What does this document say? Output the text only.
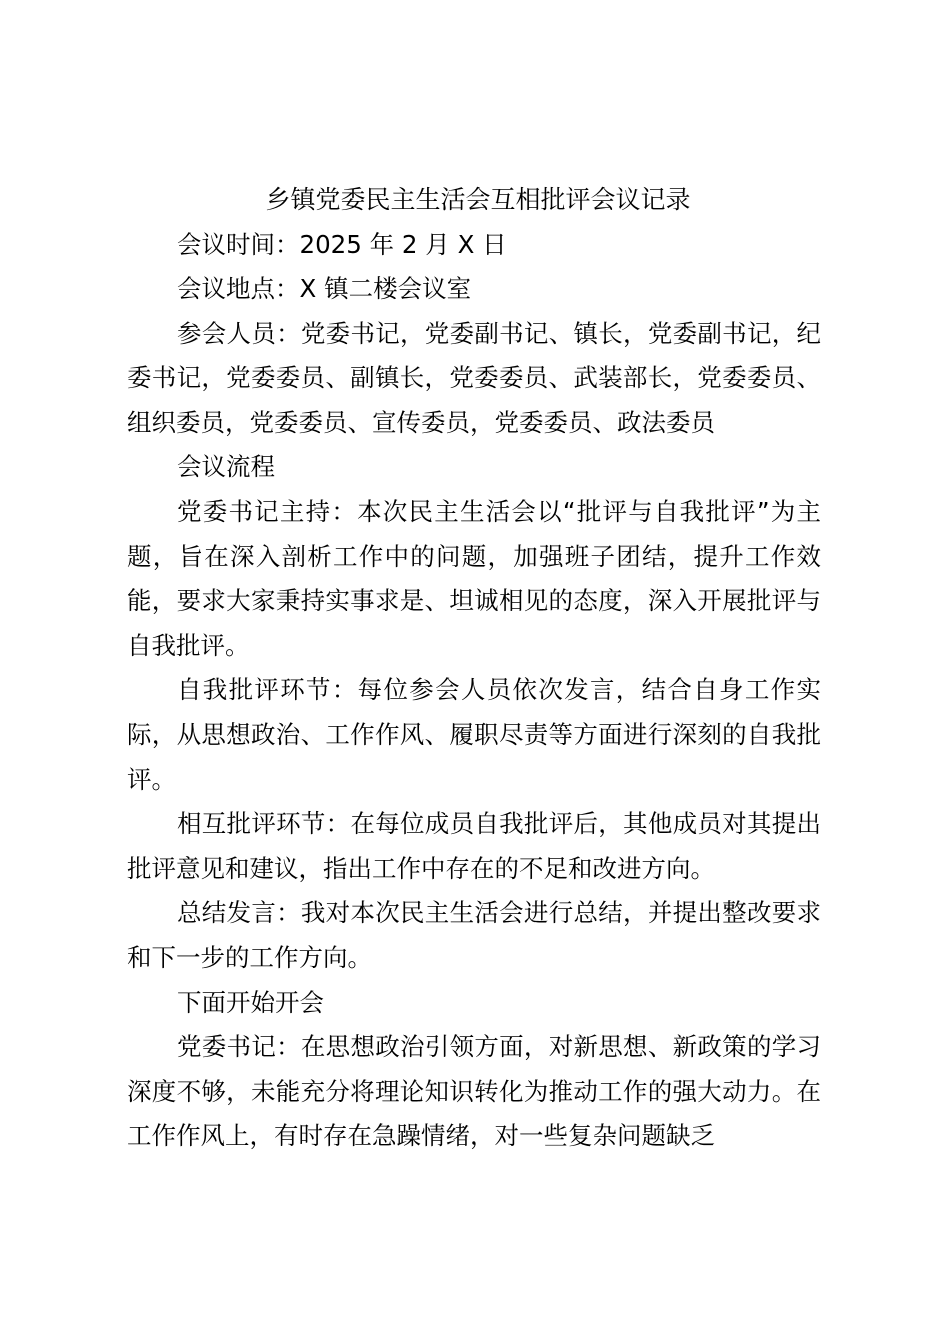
乡镇党委民主生活会互相批评会议记录

会议时间：2025 年 2 月 X 日

会议地点：X 镇二楼会议室

参会人员：党委书记，党委副书记、镇长，党委副书记，纪委书记，党委委员、副镇长，党委委员、武装部长，党委委员、组织委员，党委委员、宣传委员，党委委员、政法委员

会议流程

党委书记主持：本次民主生活会以“批评与自我批评”为主题，旨在深入剖析工作中的问题，加强班子团结，提升工作效能，要求大家秉持实事求是、坦诚相见的态度，深入开展批评与自我批评。

自我批评环节：每位参会人员依次发言，结合自身工作实际，从思想政治、工作作风、履职尽责等方面进行深刻的自我批评。

相互批评环节：在每位成员自我批评后，其他成员对其提出批评意见和建议，指出工作中存在的不足和改进方向。

总结发言：我对本次民主生活会进行总结，并提出整改要求和下一步的工作方向。

下面开始开会

党委书记：在思想政治引领方面，对新思想、新政策的学习深度不够，未能充分将理论知识转化为推动工作的强大动力。在工作作风上，有时存在急躁情绪，对一些复杂问题缺乏
